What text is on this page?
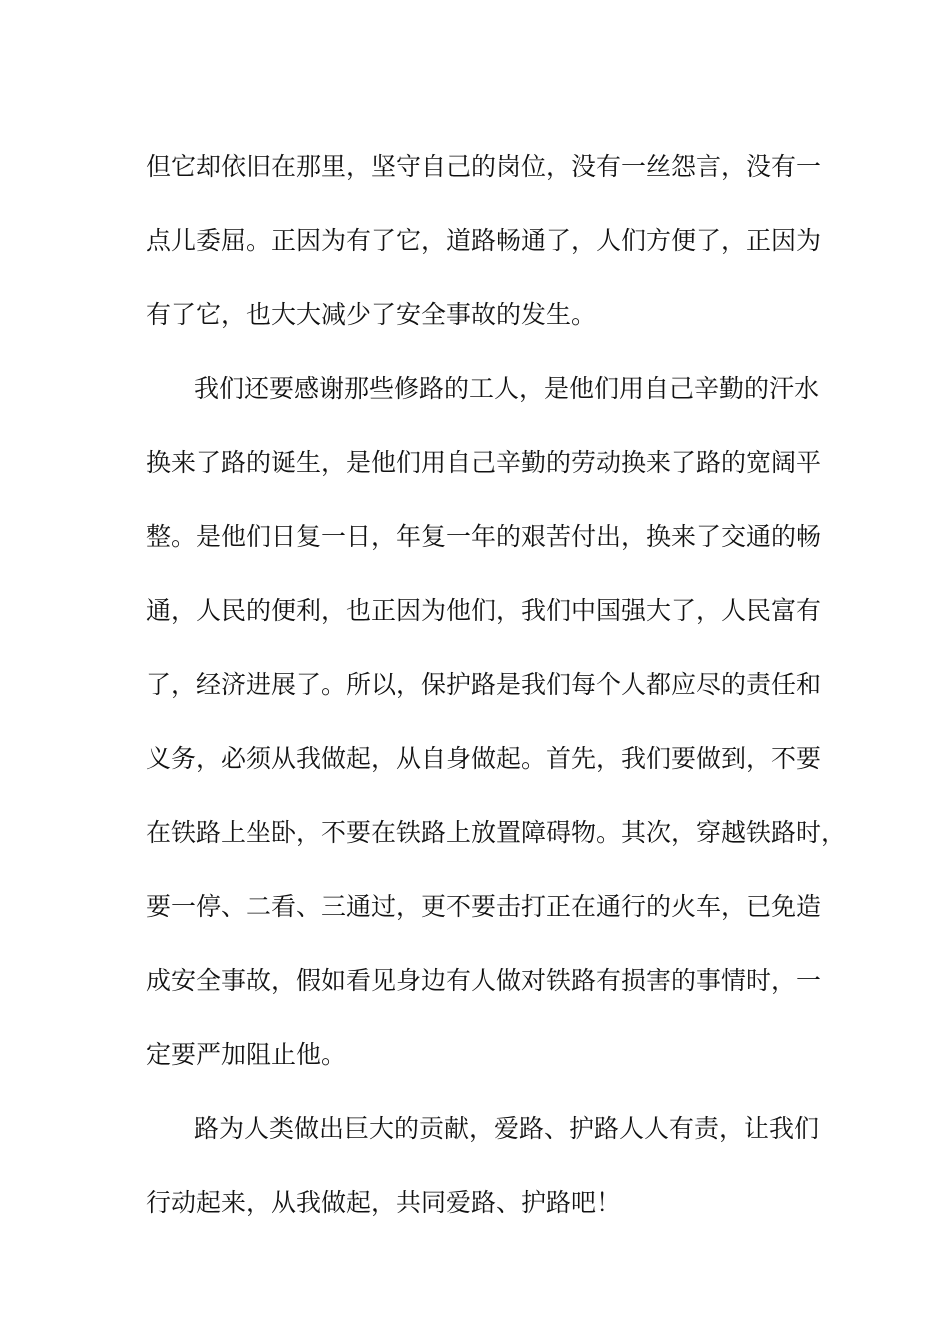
但它却依旧在那里，坚守自己的岗位，没有一丝怨言，没有一
点儿委屈。正因为有了它，道路畅通了，人们方便了，正因为
有了它，也大大减少了安全事故的发生。
我们还要感谢那些修路的工人，是他们用自己辛勤的汗水
换来了路的诞生，是他们用自己辛勤的劳动换来了路的宽阔平
整。是他们日复一日，年复一年的艰苦付出，换来了交通的畅
通，人民的便利，也正因为他们，我们中国强大了，人民富有
了，经济进展了。所以，保护路是我们每个人都应尽的责任和
义务，必须从我做起，从自身做起。首先，我们要做到，不要
在铁路上坐卧，不要在铁路上放置障碍物。其次，穿越铁路时，
要一停、二看、三通过，更不要击打正在通行的火车，已免造
成安全事故，假如看见身边有人做对铁路有损害的事情时，一
定要严加阻止他。
路为人类做出巨大的贡献，爱路、护路人人有责，让我们
行动起来，从我做起，共同爱路、护路吧！
